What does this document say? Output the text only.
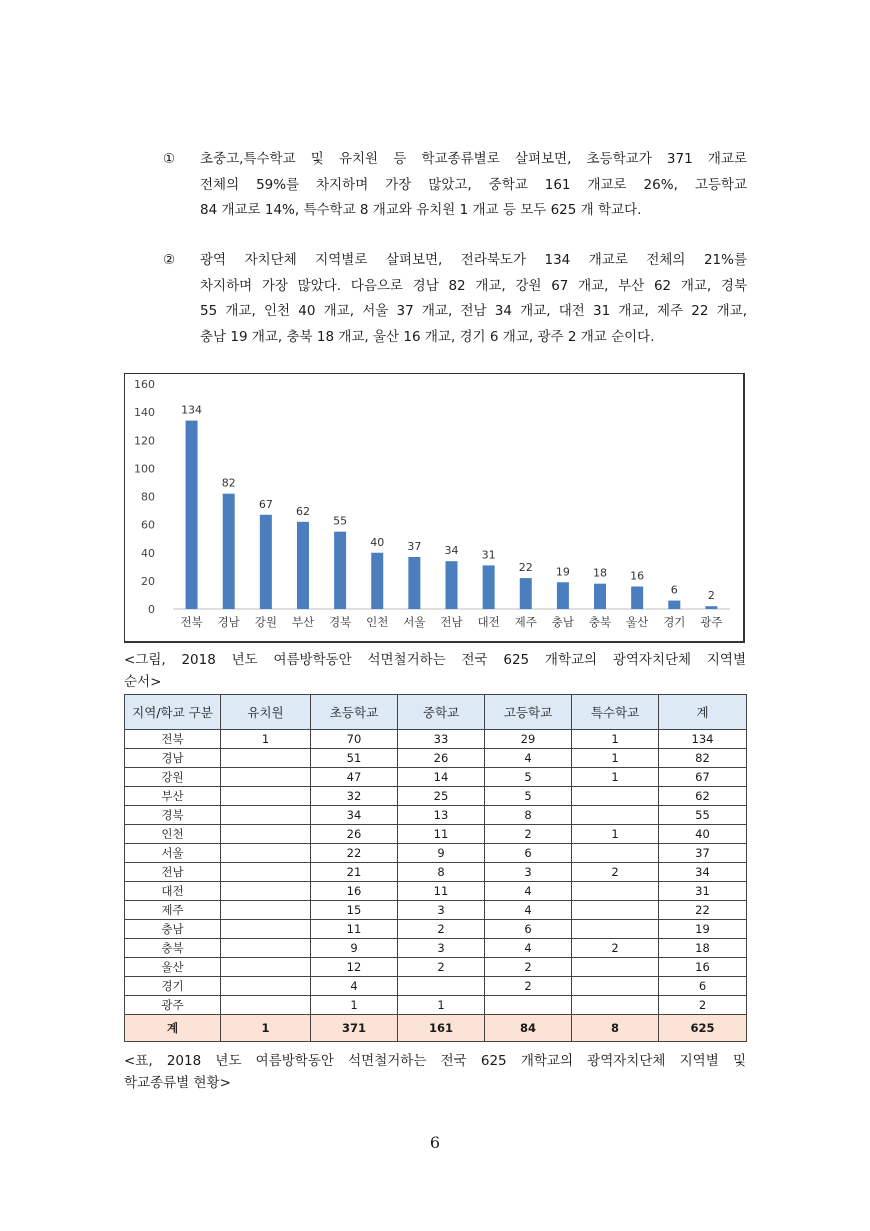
① 초중고,특수학교 및 유치원 등 학교종류별로 살펴보면, 초등학교가 371 개교로
전체의 59%를 차지하며 가장 많았고, 중학교 161 개교로 26%, 고등학교
84 개교로 14%, 특수학교 8 개교와 유치원 1 개교 등 모두 625 개 학교다.
② 광역 자치단체 지역별로 살펴보면, 전라북도가 134 개교로 전체의 21%를
차지하며 가장 많았다. 다음으로 경남 82 개교, 강원 67 개교, 부산 62 개교, 경북
55 개교, 인천 40 개교, 서울 37 개교, 전남 34 개교, 대전 31 개교, 제주 22 개교,
충남 19 개교, 충북 18 개교, 울산 16 개교, 경기 6 개교, 광주 2 개교 순이다.
0
20
40
60
80
100
120
140
160
134
전북
82
경남
67
강원
62
부산
55
경북
40
인천
37
서울
34
전남
31
대전
22
제주
19
충남
18
충북
16
울산
6
경기
2
광주
<그림, 2018 년도 여름방학동안 석면철거하는 전국 625 개학교의 광역자치단체 지역별
순서>
지역/학교 구분	유치원	초등학교	중학교	고등학교	특수학교	계
전북	1	70	33	29	1	134
경남		51	26	4	1	82
강원		47	14	5	1	67
부산		32	25	5		62
경북		34	13	8		55
인천		26	11	2	1	40
서울		22	9	6		37
전남		21	8	3	2	34
대전		16	11	4		31
제주		15	3	4		22
충남		11	2	6		19
충북		9	3	4	2	18
울산		12	2	2		16
경기		4		2		6
광주		1	1			2
계	1	371	161	84	8	625
<표, 2018 년도 여름방학동안 석면철거하는 전국 625 개학교의 광역자치단체 지역별 및
학교종류별 현황>
6
